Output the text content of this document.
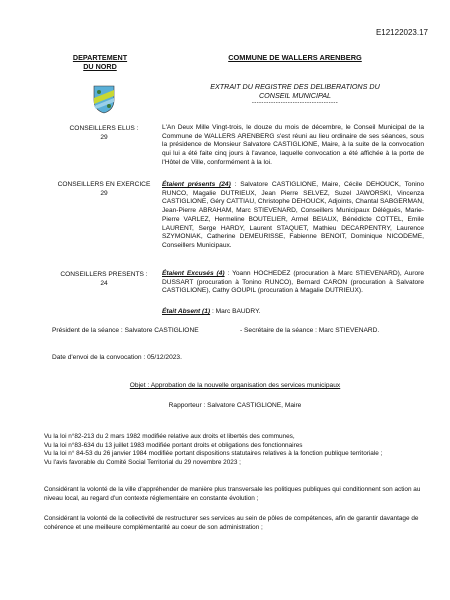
E12122023.17
DEPARTEMENT
DU NORD
COMMUNE DE WALLERS ARENBERG
EXTRAIT DU REGISTRE DES DELIBERATIONS DU
CONSEIL MUNICIPAL
------------------------------------
CONSEILLERS ELUS :
29
L'An Deux Mille Vingt-trois, le douze du mois de décembre, le Conseil Municipal de la Commune de WALLERS ARENBERG s'est réuni au lieu ordinaire de ses séances, sous la présidence de Monsieur Salvatore CASTIGLIONE, Maire, à la suite de la convocation qui lui a été faite cinq jours à l'avance, laquelle convocation a été affichée à la porte de l'Hôtel de Ville, conformément à la loi.
CONSEILLERS EN EXERCICE
29
Étaient présents (24) : Salvatore CASTIGLIONE, Maire, Cécile DEHOUCK, Tonino RUNCO, Magalie DUTRIEUX, Jean Pierre SELVEZ, Suzel JAWORSKI, Vincenza CASTIGLIONE, Géry CATTIAU, Christophe DEHOUCK, Adjoints, Chantal SABGERMAN, Jean-Pierre ABRAHAM, Marc STIEVENARD, Conseillers Municipaux Délégués, Marie-Pierre VARLEZ, Hermeline BOUTELIER, Armel BEIAUX, Bénédicte COTTEL, Emile LAURENT, Serge HARDY, Laurent STAQUET, Mathieu DECARPENTRY, Laurence SZYMONIAK, Catherine DEMEURISSE, Fabienne BENOIT, Dominique NICODEME, Conseillers Municipaux.
CONSEILLERS PRESENTS :
24
Étaient Excusés (4) : Yoann HOCHEDEZ (procuration à Marc STIEVENARD), Aurore DUSSART (procuration à Tonino RUNCO), Bernard CARON (procuration à Salvatore CASTIGLIONE), Cathy GOUPIL (procuration à Magalie DUTRIEUX).
Était Absent (1) : Marc BAUDRY.
Président de la séance : Salvatore CASTIGLIONE	- Secrétaire de la séance : Marc STIEVENARD.
Date d'envoi de la convocation : 05/12/2023.
Objet : Approbation de la nouvelle organisation des services municipaux
Rapporteur : Salvatore CASTIGLIONE, Maire
Vu la loi n°82-213 du 2 mars 1982 modifiée relative aux droits et libertés des communes,
Vu la loi n°83-634 du 13 juillet 1983 modifiée portant droits et obligations des fonctionnaires
Vu la loi n° 84-53 du 26 janvier 1984 modifiée portant dispositions statutaires relatives à la fonction publique territoriale ;
Vu l'avis favorable du Comité Social Territorial du 29 novembre 2023 ;
Considérant la volonté de la ville d'appréhender de manière plus transversale les politiques publiques qui conditionnent son action au niveau local, au regard d'un contexte réglementaire en constante évolution ;
Considérant la volonté de la collectivité de restructurer ses services au sein de pôles de compétences, afin de garantir davantage de cohérence et une meilleure complémentarité au coeur de son administration ;
